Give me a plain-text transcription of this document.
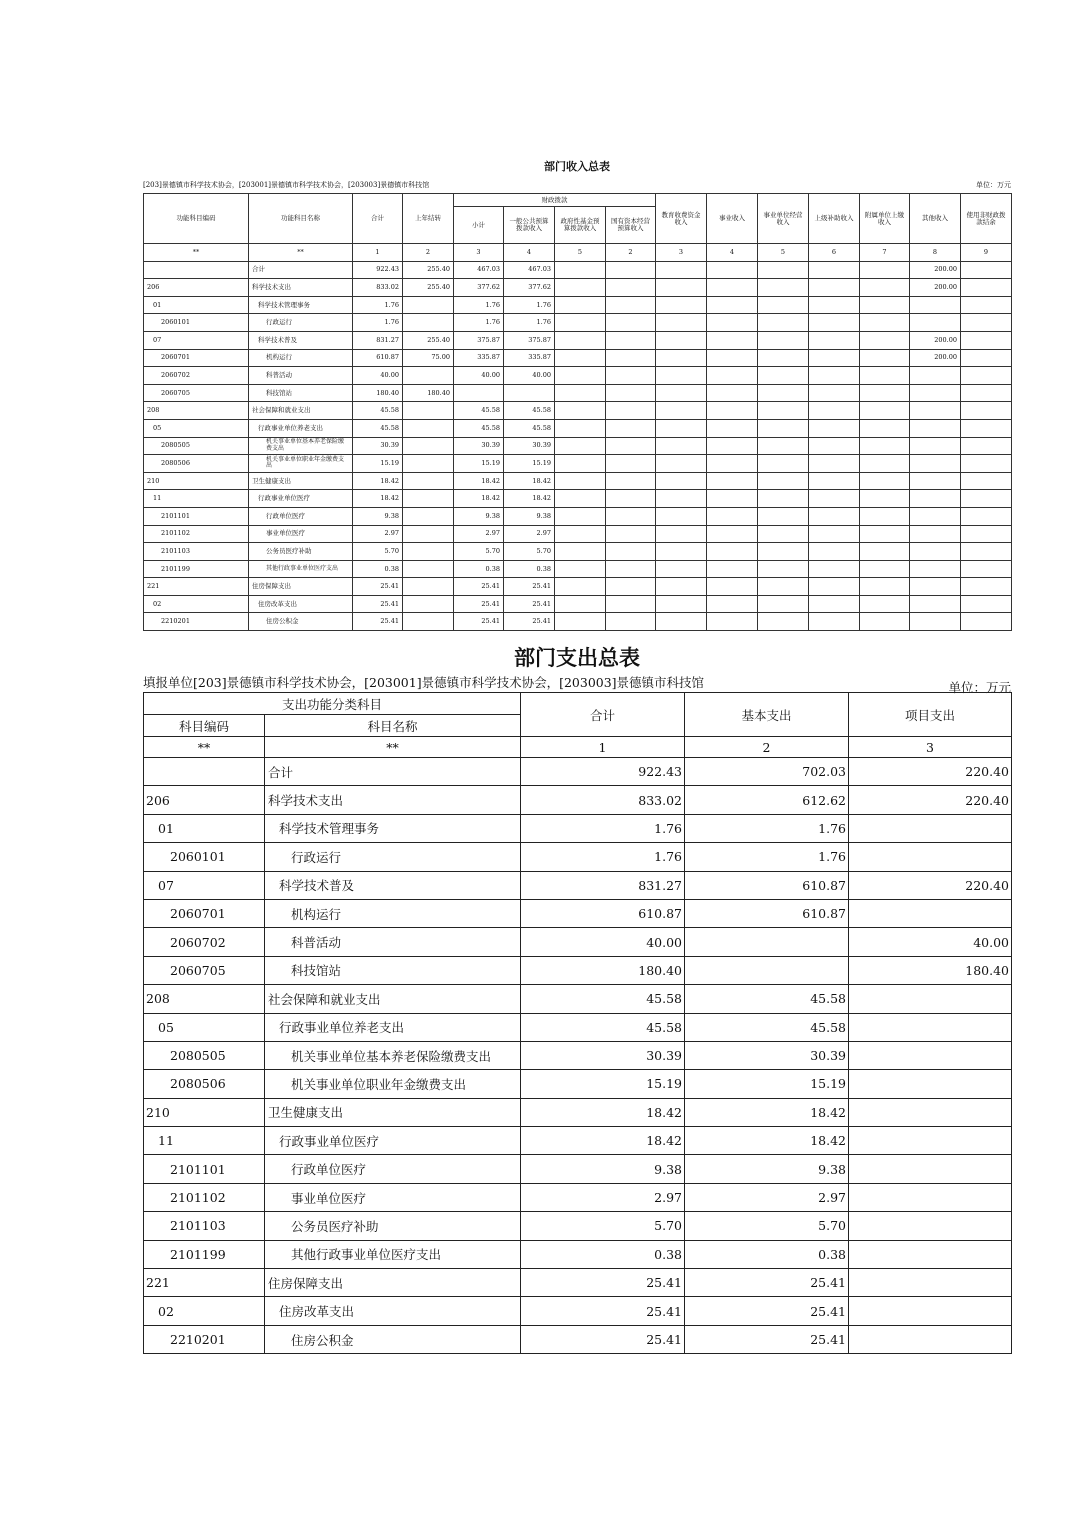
部门收入总表
[203]景德镇市科学技术协会，[203001]景德镇市科学技术协会，[203003]景德镇市科技馆	单位：万元
功能科目编码	功能科目名称	合计	上年结转	财政拨款				教育收费资金收入	事业收入	事业单位经营收入	上级补助收入	附属单位上缴收入	其他收入	使用非财政拨款结余
				小计	一般公共预算拨款收入	政府性基金预算拨款收入	国有资本经营预算收入							
**	**	1	2	3	4	5	2	3	4	5	6	7	8	9
	合计	922.43	255.40	467.03	467.03								200.00	
206	科学技术支出	833.02	255.40	377.62	377.62								200.00	
01	科学技术管理事务	1.76		1.76	1.76									
2060101	行政运行	1.76		1.76	1.76									
07	科学技术普及	831.27	255.40	375.87	375.87								200.00	
2060701	机构运行	610.87	75.00	335.87	335.87								200.00	
2060702	科普活动	40.00		40.00	40.00									
2060705	科技馆站	180.40	180.40											
208	社会保障和就业支出	45.58		45.58	45.58									
05	行政事业单位养老支出	45.58		45.58	45.58									
2080505	机关事业单位基本养老保险缴费支出	30.39		30.39	30.39									
2080506	机关事业单位职业年金缴费支出	15.19		15.19	15.19									
210	卫生健康支出	18.42		18.42	18.42									
11	行政事业单位医疗	18.42		18.42	18.42									
2101101	行政单位医疗	9.38		9.38	9.38									
2101102	事业单位医疗	2.97		2.97	2.97									
2101103	公务员医疗补助	5.70		5.70	5.70									
2101199	其他行政事业单位医疗支出	0.38		0.38	0.38									
221	住房保障支出	25.41		25.41	25.41									
02	住房改革支出	25.41		25.41	25.41									
2210201	住房公积金	25.41		25.41	25.41									
部门支出总表
填报单位[203]景德镇市科学技术协会，[203001]景德镇市科学技术协会，[203003]景德镇市科技馆	单位：万元
支出功能分类科目		合计	基本支出	项目支出
科目编码	科目名称			
**	**	1	2	3
	合计	922.43	702.03	220.40
206	科学技术支出	833.02	612.62	220.40
01	科学技术管理事务	1.76	1.76	
2060101	行政运行	1.76	1.76	
07	科学技术普及	831.27	610.87	220.40
2060701	机构运行	610.87	610.87	
2060702	科普活动	40.00		40.00
2060705	科技馆站	180.40		180.40
208	社会保障和就业支出	45.58	45.58	
05	行政事业单位养老支出	45.58	45.58	
2080505	机关事业单位基本养老保险缴费支出	30.39	30.39	
2080506	机关事业单位职业年金缴费支出	15.19	15.19	
210	卫生健康支出	18.42	18.42	
11	行政事业单位医疗	18.42	18.42	
2101101	行政单位医疗	9.38	9.38	
2101102	事业单位医疗	2.97	2.97	
2101103	公务员医疗补助	5.70	5.70	
2101199	其他行政事业单位医疗支出	0.38	0.38	
221	住房保障支出	25.41	25.41	
02	住房改革支出	25.41	25.41	
2210201	住房公积金	25.41	25.41	
